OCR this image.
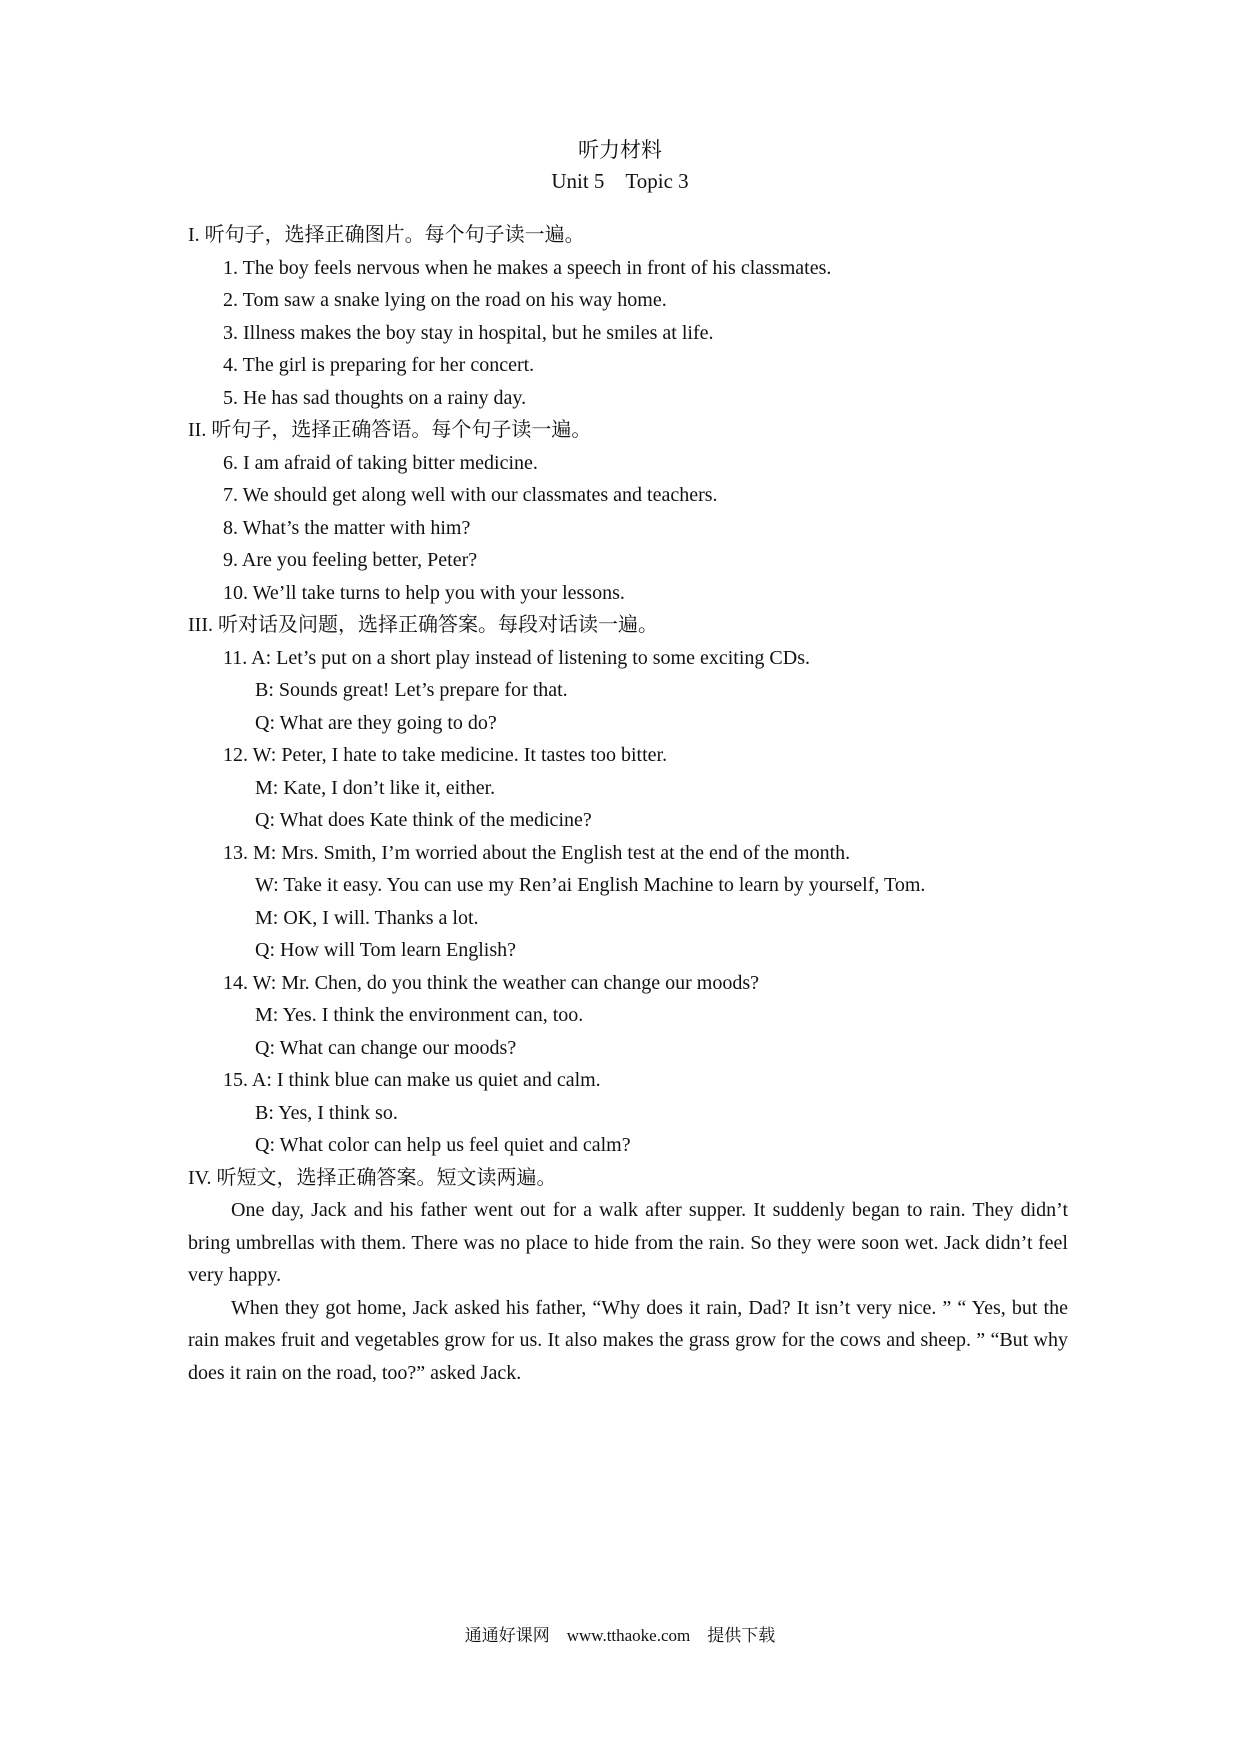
听力材料
Unit 5　Topic 3

I. 听句子，选择正确图片。每个句子读一遍。

1. The boy feels nervous when he makes a speech in front of his classmates.

2. Tom saw a snake lying on the road on his way home.

3. Illness makes the boy stay in hospital, but he smiles at life.

4. The girl is preparing for her concert.

5. He has sad thoughts on a rainy day.

II. 听句子，选择正确答语。每个句子读一遍。

6. I am afraid of taking bitter medicine.

7. We should get along well with our classmates and teachers.

8. What’s the matter with him?

9. Are you feeling better, Peter?

10. We’ll take turns to help you with your lessons.

III. 听对话及问题，选择正确答案。每段对话读一遍。

11. A: Let’s put on a short play instead of listening to some exciting CDs.

B: Sounds great! Let’s prepare for that.

Q: What are they going to do?

12. W: Peter, I hate to take medicine. It tastes too bitter.

M: Kate, I don’t like it, either.

Q: What does Kate think of the medicine?

13. M: Mrs. Smith, I’m worried about the English test at the end of the month.

W: Take it easy. You can use my Ren’ai English Machine to learn by yourself, Tom.

M: OK, I will. Thanks a lot.

Q: How will Tom learn English?

14. W: Mr. Chen, do you think the weather can change our moods?

M: Yes. I think the environment can, too.

Q: What can change our moods?

15. A: I think blue can make us quiet and calm.

B: Yes, I think so.

Q: What color can help us feel quiet and calm?

IV. 听短文，选择正确答案。短文读两遍。

One day, Jack and his father went out for a walk after supper. It suddenly began to rain. They didn’t bring umbrellas with them. There was no place to hide from the rain. So they were soon wet. Jack didn’t feel very happy.

When they got home, Jack asked his father, “Why does it rain, Dad? It isn’t very nice. ” “ Yes, but the rain makes fruit and vegetables grow for us. It also makes the grass grow for the cows and sheep. ” “But why does it rain on the road, too?” asked Jack.

通通好课网　www.tthaoke.com　提供下载
